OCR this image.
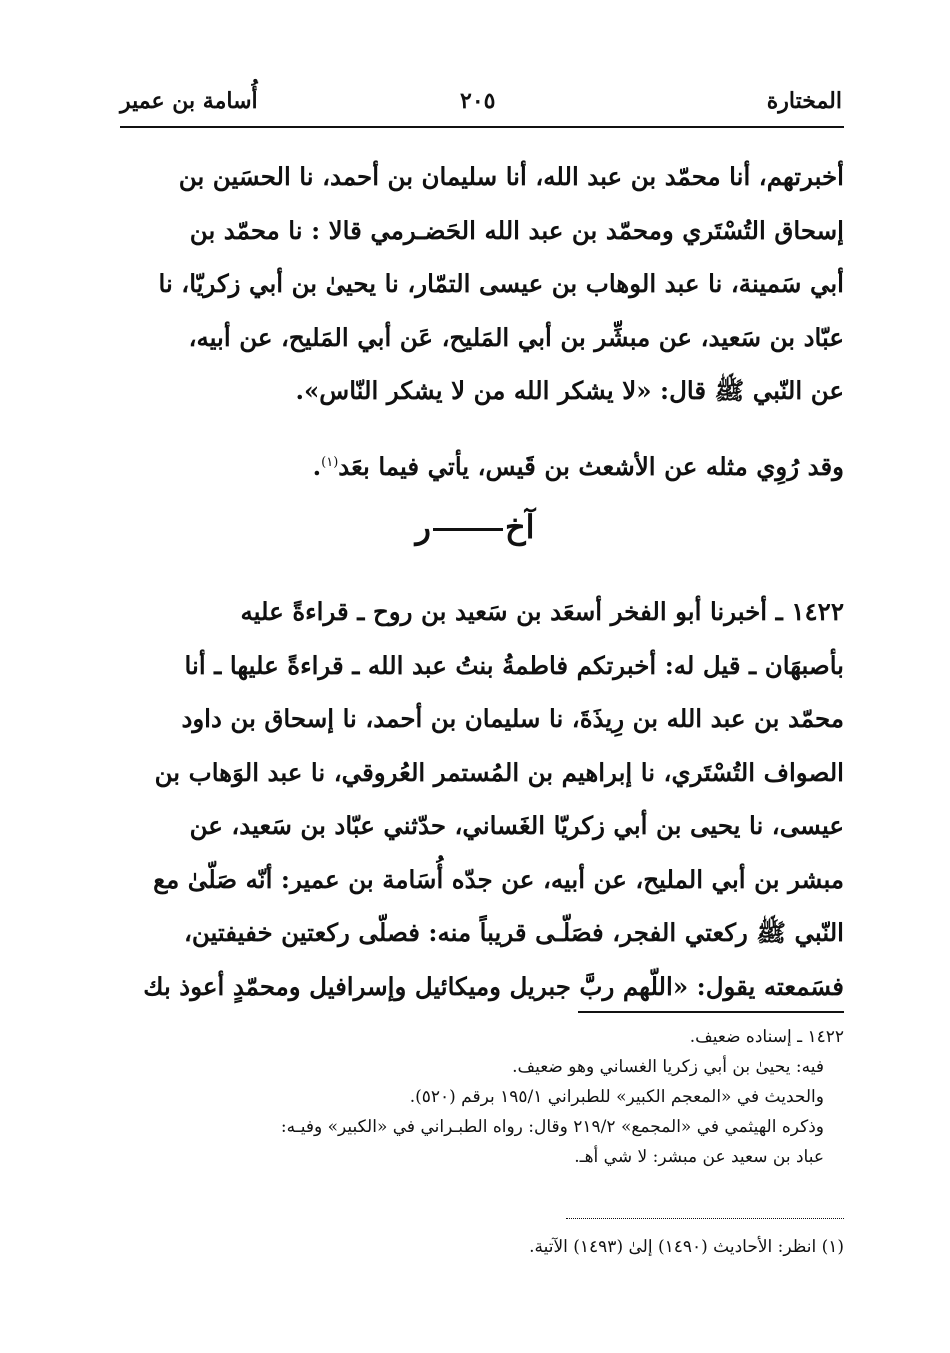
المختارة
٢٠٥
أُسامة بن عمير
أخبرتهم، أنا محمّد بن عبد الله، أنا سليمان بن أحمد، نا الحسَين بن
إسحاق التُسْتَري ومحمّد بن عبد الله الحَضـرمي قالا : نا محمّد بن
أبي سَمينة، نا عبد الوهاب بن عيسى التمّار، نا يحيىٰ بن أبي زكريّا، نا
عبّاد بن سَعيد، عن مبشِّر بن أبي المَليح، عَن أبي المَليح، عن أبيه،
عن النّبي ﷺ قال: «لا يشكر الله من لا يشكر النّاس».
وقد رُوِي مثله عن الأشعث بن قَيس، يأتي فيما بعَد$^{(١)}$.
آخر
١٤٢٢ ـ أخبرنا أبو الفخر أسعَد بن سَعيد بن روح ـ قراءةً عليه
بأصبهَان ـ قيل له: أخبرتكم فاطمةُ بنتُ عبد الله ـ قراءةً عليها ـ أنا
محمّد بن عبد الله بن رِيذَةَ، نا سليمان بن أحمد، نا إسحاق بن داود
الصواف التُسْتَري، نا إبراهيم بن المُستمر العُروقي، نا عبد الوَهاب بن
عيسى، نا يحيى بن أبي زكريّا الغَساني، حدّثني عبّاد بن سَعيد، عن
مبشر بن أبي المليح، عن أبيه، عن جدّه أُسَامة بن عمير: أنّه صَلّىٰ مع
النّبي ﷺ ركعتي الفجر، فصَلّـى قريباً منه: فصلّى ركعتين خفيفتين،
فسَمعته يقول: «اللّهم ربَّ جبريل وميكائيل وإسرافيل ومحمّدٍ أعوذ بك
١٤٢٢ ـ إسناده ضعيف.
فيه: يحيىٰ بن أبي زكريا الغساني وهو ضعيف.
والحديث في «المعجم الكبير» للطبراني ١٩٥/١ برقم (٥٢٠).
وذكره الهيثمي في «المجمع» ٢١٩/٢ وقال: رواه الطبـراني في «الكبير» وفيـه:
عباد بن سعيد عن مبشر: لا شي أهـ.
(١) انظر: الأحاديث (١٤٩٠) إلىٰ (١٤٩٣) الآتية.
